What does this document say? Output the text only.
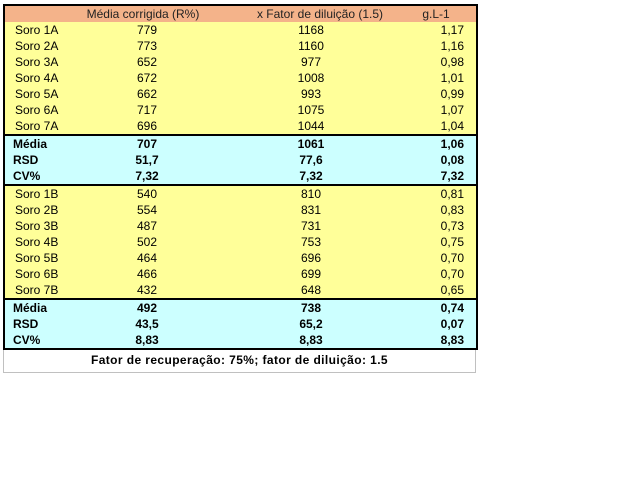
	Média corrigida (R%)	x Fator de diluição (1.5)	g.L-1
Soro 1A	779	1168	1,17
Soro 2A	773	1160	1,16
Soro 3A	652	977	0,98
Soro 4A	672	1008	1,01
Soro 5A	662	993	0,99
Soro 6A	717	1075	1,07
Soro 7A	696	1044	1,04
Média	707	1061	1,06
RSD	51,7	77,6	0,08
CV%	7,32	7,32	7,32
Soro 1B	540	810	0,81
Soro 2B	554	831	0,83
Soro 3B	487	731	0,73
Soro 4B	502	753	0,75
Soro 5B	464	696	0,70
Soro 6B	466	699	0,70
Soro 7B	432	648	0,65
Média	492	738	0,74
RSD	43,5	65,2	0,07
CV%	8,83	8,83	8,83
Fator de recuperação: 75%; fator de diluição: 1.5
